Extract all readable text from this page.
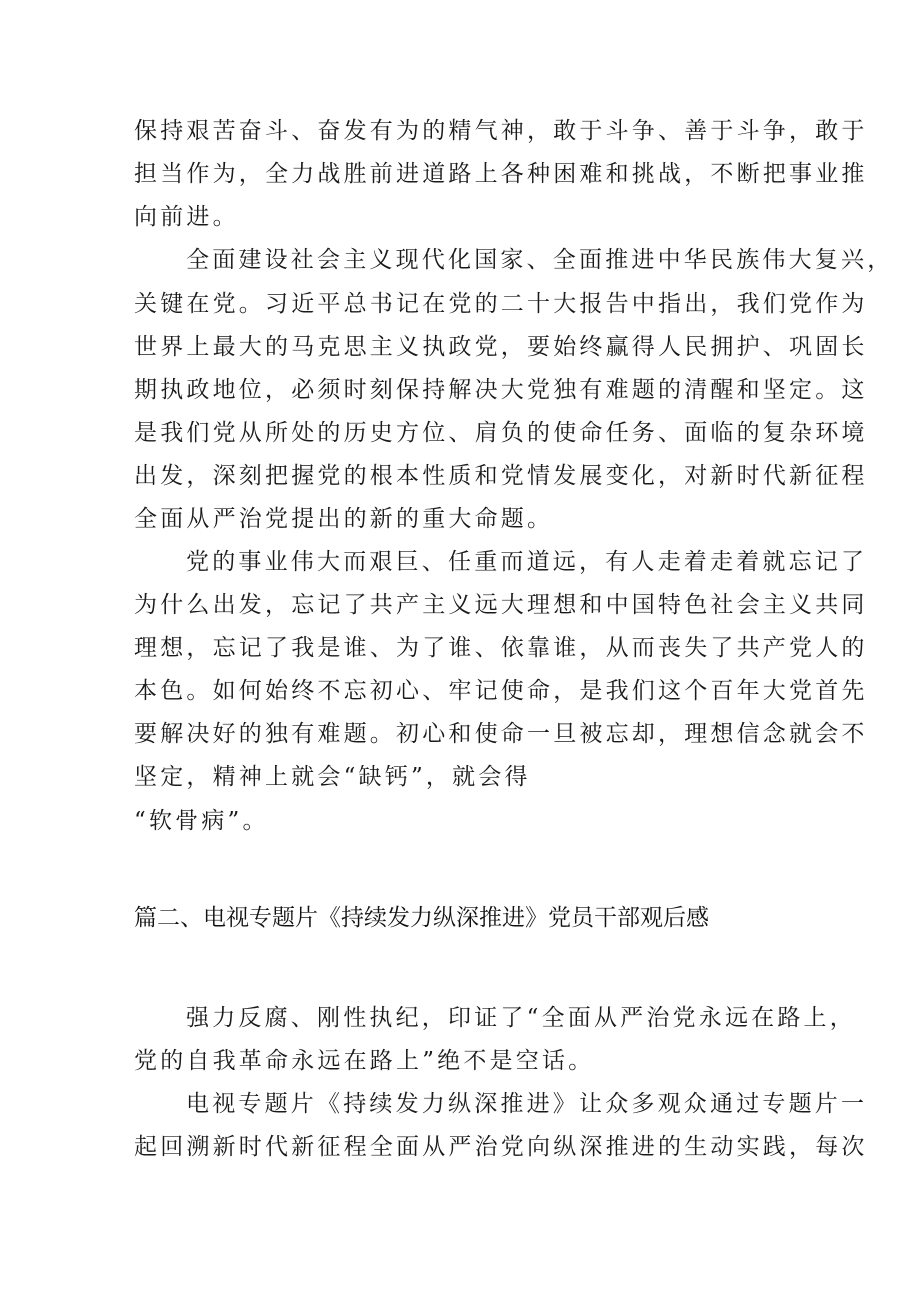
保持艰苦奋斗、奋发有为的精气神，敢于斗争、善于斗争，敢于
担当作为，全力战胜前进道路上各种困难和挑战，不断把事业推
向前进。
全面建设社会主义现代化国家、全面推进中华民族伟大复兴，
关键在党。习近平总书记在党的二十大报告中指出，我们党作为
世界上最大的马克思主义执政党，要始终赢得人民拥护、巩固长
期执政地位，必须时刻保持解决大党独有难题的清醒和坚定。这
是我们党从所处的历史方位、肩负的使命任务、面临的复杂环境
出发，深刻把握党的根本性质和党情发展变化，对新时代新征程
全面从严治党提出的新的重大命题。
党的事业伟大而艰巨、任重而道远，有人走着走着就忘记了
为什么出发，忘记了共产主义远大理想和中国特色社会主义共同
理想，忘记了我是谁、为了谁、依靠谁，从而丧失了共产党人的
本色。如何始终不忘初心、牢记使命，是我们这个百年大党首先
要解决好的独有难题。初心和使命一旦被忘却，理想信念就会不
坚定，精神上就会“缺钙”，就会得
“软骨病”。
篇二、电视专题片《持续发力纵深推进》党员干部观后感
强力反腐、刚性执纪，印证了“全面从严治党永远在路上，
党的自我革命永远在路上”绝不是空话。
电视专题片《持续发力纵深推进》让众多观众通过专题片一
起回溯新时代新征程全面从严治党向纵深推进的生动实践，每次
